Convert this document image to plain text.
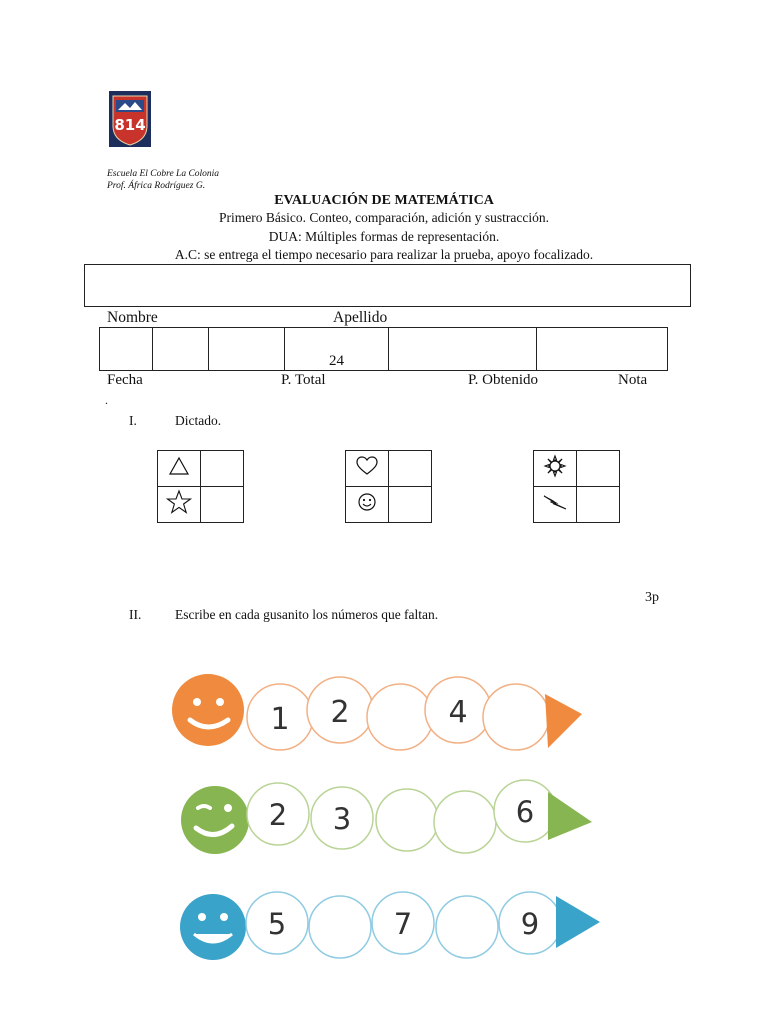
814
Escuela El Cobre La Colonia
Prof. África Rodríguez G.
EVALUACIÓN DE MATEMÁTICA
Primero Básico. Conteo, comparación, adición y sustracción.
DUA: Múltiples formas de representación.
A.C: se entrega el tiempo necesario para realizar la prueba, apoyo focalizado.
Nombre	Apellido
			24		
Fecha	P. Total	P. Obtenido	Nota
.
I.	Dictado.

3p
II. Escribe en cada gusanito los números que faltan.
1 2	4
2 3	6
5	7	9
